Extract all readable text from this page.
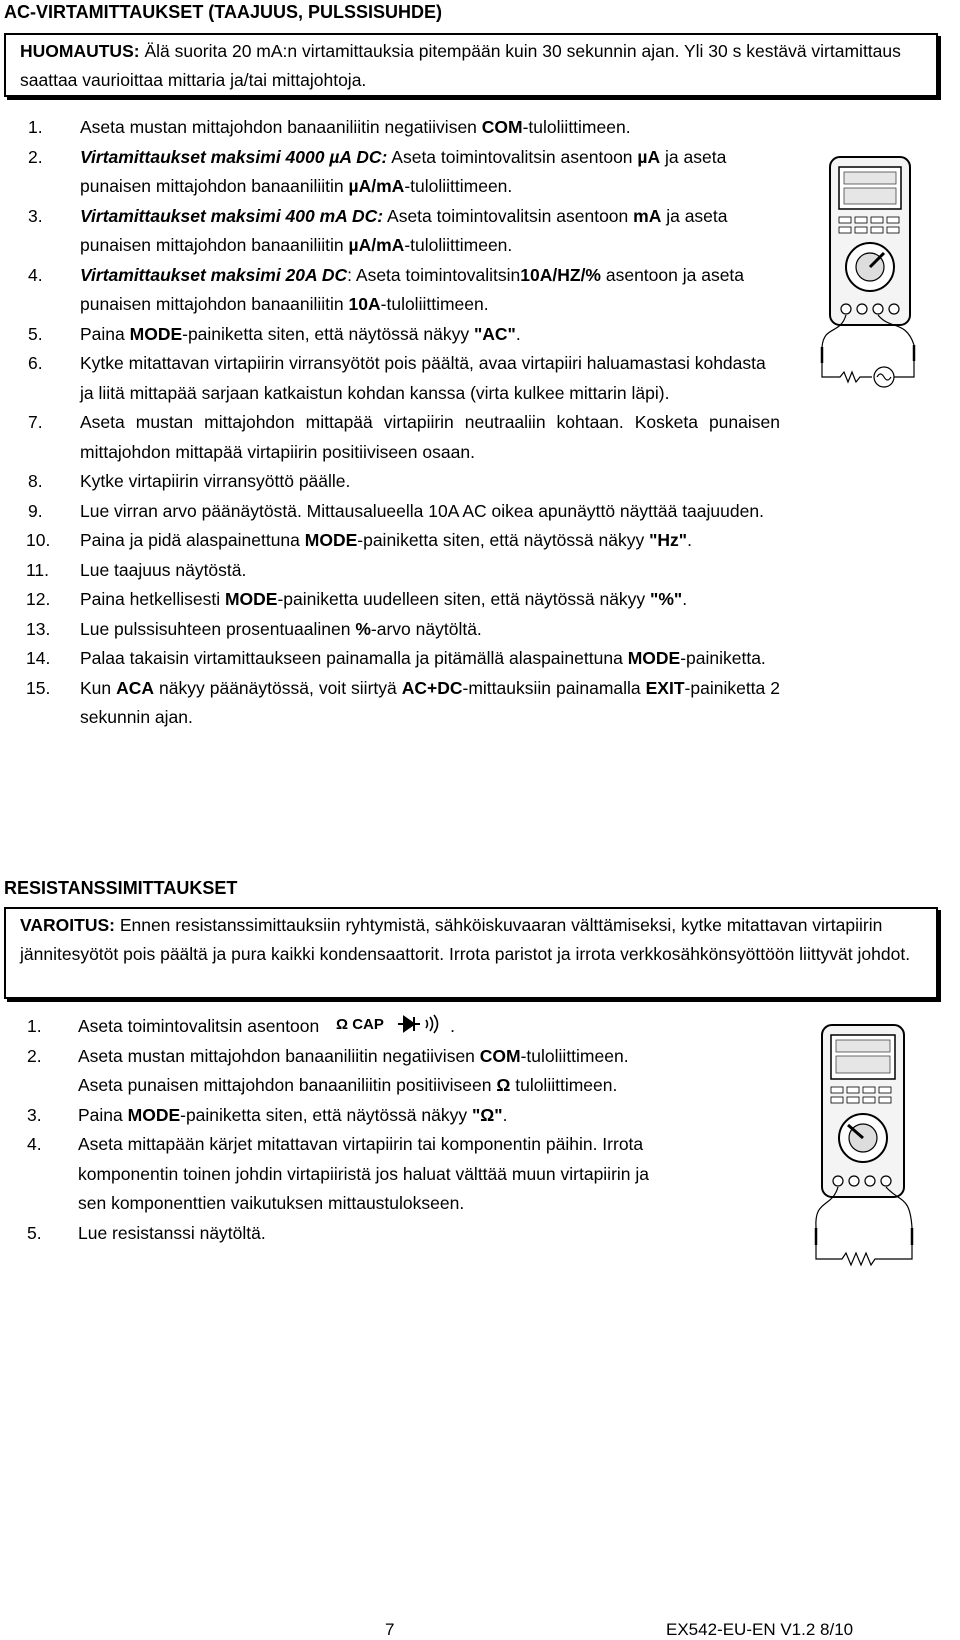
AC-VIRTAMITTAUKSET (TAAJUUS, PULSSISUHDE)

HUOMAUTUS: Älä suorita 20 mA:n virtamittauksia pitempään kuin 30 sekunnin ajan. Yli 30 s kestävä virtamittaus saattaa vaurioittaa mittaria ja/tai mittajohtoja.

1. Aseta mustan mittajohdon banaaniliitin negatiivisen COM-tuloliittimeen.
2. Virtamittaukset maksimi 4000 µA DC: Aseta toimintovalitsin asentoon µA ja aseta punaisen mittajohdon banaaniliitin µA/mA-tuloliittimeen.
3. Virtamittaukset maksimi 400 mA DC: Aseta toimintovalitsin asentoon mA ja aseta punaisen mittajohdon banaaniliitin µA/mA-tuloliittimeen.
4. Virtamittaukset maksimi 20A DC: Aseta toimintovalitsin10A/HZ/% asentoon ja aseta punaisen mittajohdon banaaniliitin 10A-tuloliittimeen.
5. Paina MODE-painiketta siten, että näytössä näkyy "AC".
6. Kytke mitattavan virtapiirin virransyötöt pois päältä, avaa virtapiiri haluamastasi kohdasta ja liitä mittapää sarjaan katkaistun kohdan kanssa (virta kulkee mittarin läpi).
7. Aseta mustan mittajohdon mittapää virtapiirin neutraaliin kohtaan. Kosketa punaisen mittajohdon mittapää virtapiirin positiiviseen osaan.
8. Kytke virtapiirin virransyöttö päälle.
9. Lue virran arvo päänäytöstä. Mittausalueella 10A AC oikea apunäyttö näyttää taajuuden.
10. Paina ja pidä alaspainettuna MODE-painiketta siten, että näytössä näkyy "Hz".
11. Lue taajuus näytöstä.
12. Paina hetkellisesti MODE-painiketta uudelleen siten, että näytössä näkyy "%".
13. Lue pulssisuhteen prosentuaalinen %-arvo näytöltä.
14. Palaa takaisin virtamittaukseen painamalla ja pitämällä alaspainettuna MODE-painiketta.
15. Kun ACA näkyy päänäytössä, voit siirtyä AC+DC-mittauksiin painamalla EXIT-painiketta 2 sekunnin ajan.
RESISTANSSIMITTAUKSET

VAROITUS: Ennen resistanssimittauksiin ryhtymistä, sähköiskuvaaran välttämiseksi, kytke mitattavan virtapiirin jännitesyötöt pois päältä ja pura kaikki kondensaattorit. Irrota paristot ja irrota verkkosähkönsyöttöön liittyvät johdot.

1. Aseta toimintovalitsin asentoon Ω CAP	.
2. Aseta mustan mittajohdon banaaniliitin negatiivisen COM-tuloliittimeen. Aseta punaisen mittajohdon banaaniliitin positiiviseen Ω tuloliittimeen.
3. Paina MODE-painiketta siten, että näytössä näkyy "Ω".
4. Aseta mittapään kärjet mitattavan virtapiirin tai komponentin päihin. Irrota komponentin toinen johdin virtapiiristä jos haluat välttää muun virtapiirin ja sen komponenttien vaikutuksen mittaustulokseen.
5. Lue resistanssi näytöltä.
7	EX542-EU-EN V1.2 8/10
